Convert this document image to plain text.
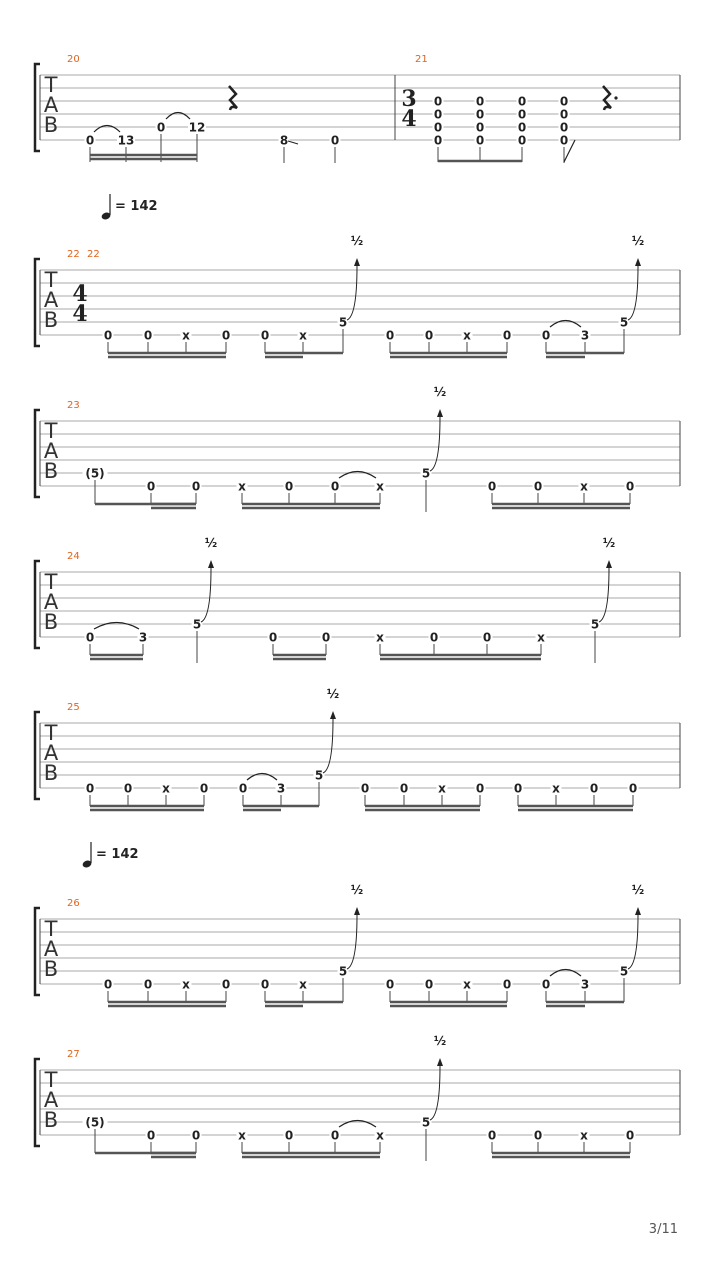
T
A
B
20	21
0 13
0 12
8	0
3
4
0
0
0
0
0
0
0
0
0
0
0
0
0
0
0
0
= 142
= 142
T
A
B
22 22
4
4
0	0 x	0	0 x
5
½
0	0 x	0	0	3
5
½
T
A
B
23
(5)
0	0	x	0	0	x
5
½
0	0	x	0
T
A
B
24
0	3
5
½
0	0	x	0	0	x
5
½
T
A
B
25
0 0 x 0	0 3
5
½
0	0 x 0 0 x 0	0
T
A
B
26
0	0 x	0	0 x
5
½
0	0 x	0	0	3
5
½
T
A
B
27
(5)
0	0	x	0	0	x
5
½
0	0	x	0
3/11
